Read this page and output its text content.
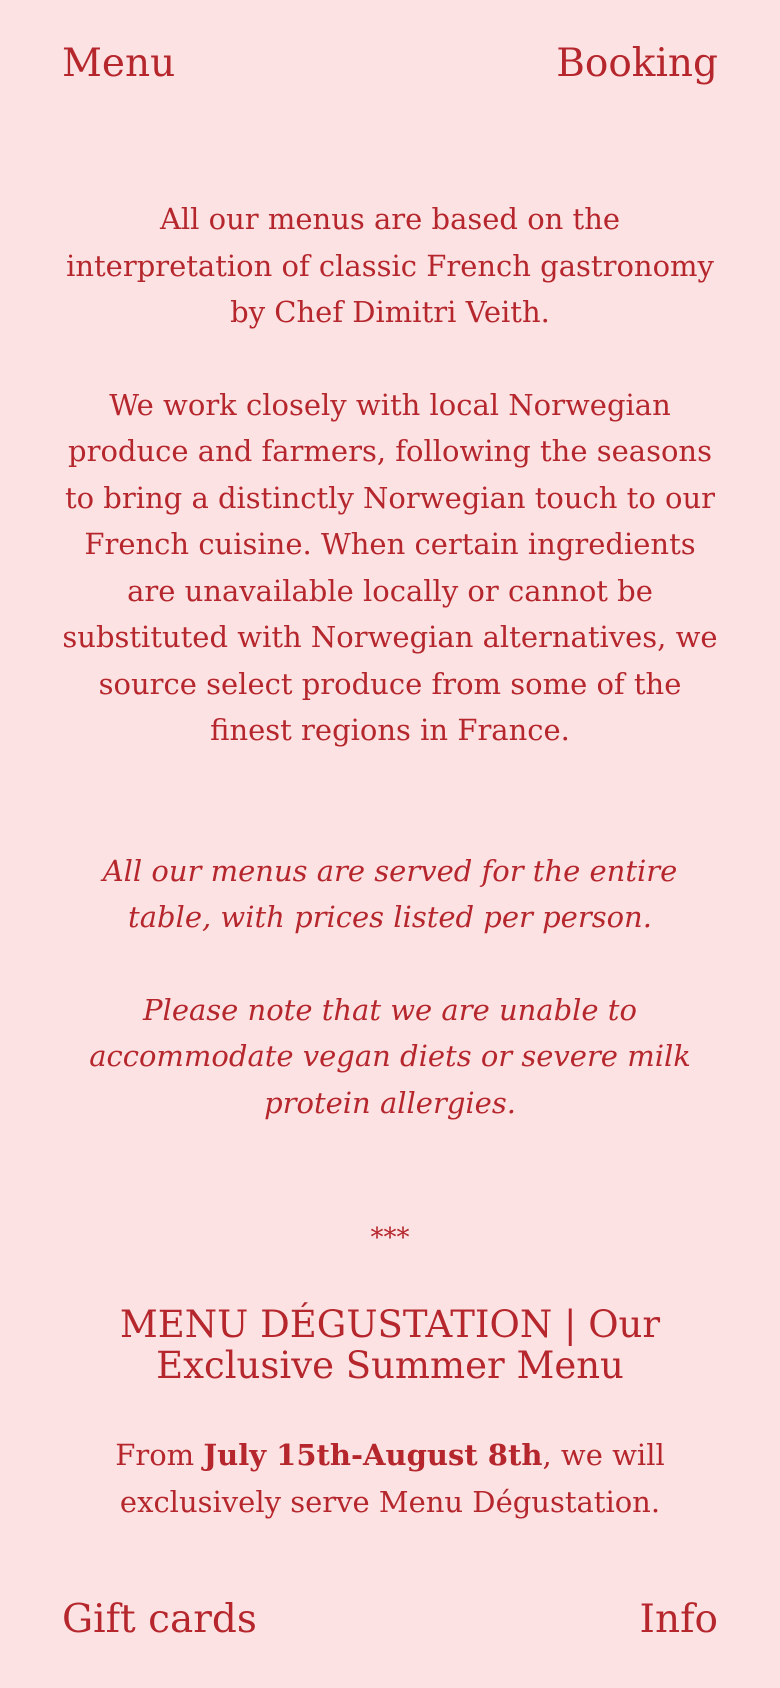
Menu	Booking

All our menus are based on the interpretation of classic French gastronomy by Chef Dimitri Veith.

We work closely with local Norwegian produce and farmers, following the seasons to bring a distinctly Norwegian touch to our French cuisine. When certain ingredients are unavailable locally or cannot be substituted with Norwegian alternatives, we source select produce from some of the finest regions in France.

All our menus are served for the entire table, with prices listed per person.

Please note that we are unable to accommodate vegan diets or severe milk protein allergies.

***

MENU DÉGUSTATION | Our Exclusive Summer Menu

From July 15th-August 8th, we will exclusively serve Menu Dégustation.

Gift cards	Info
